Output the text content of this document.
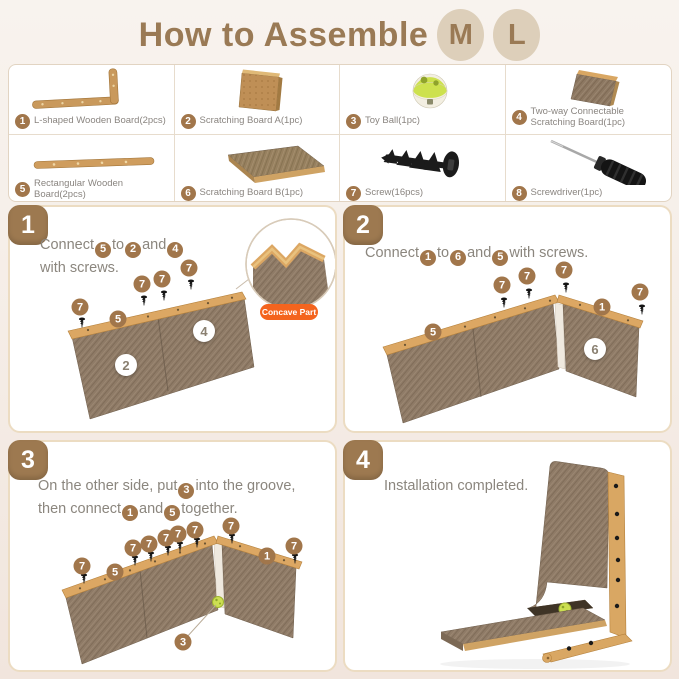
How to Assemble M	L
1 L-shaped Wooden Board(2pcs)	2 Scratching Board A(1pc)	3 Toy Ball(1pc)	4
Two-way Connectable Scratching Board(1pc)
5
Rectangular Wooden Board(2pcs)	6 Scratching Board B(1pc)	7 Screw(16pcs)	8 Screwdriver(1pc)
1
Connect 5 to 2 and 4
with screws.
7
7	7
7
5
2
4
Concave Part
2
Connect 1 to 6 and 5 with screws.
7
7	7
7
5
1
6
3
On the other side, put 3 into the groove,
then connect 1 and 5 together.
7
7 7 7 7 7	7
7
5
1
3
4
Installation completed.
